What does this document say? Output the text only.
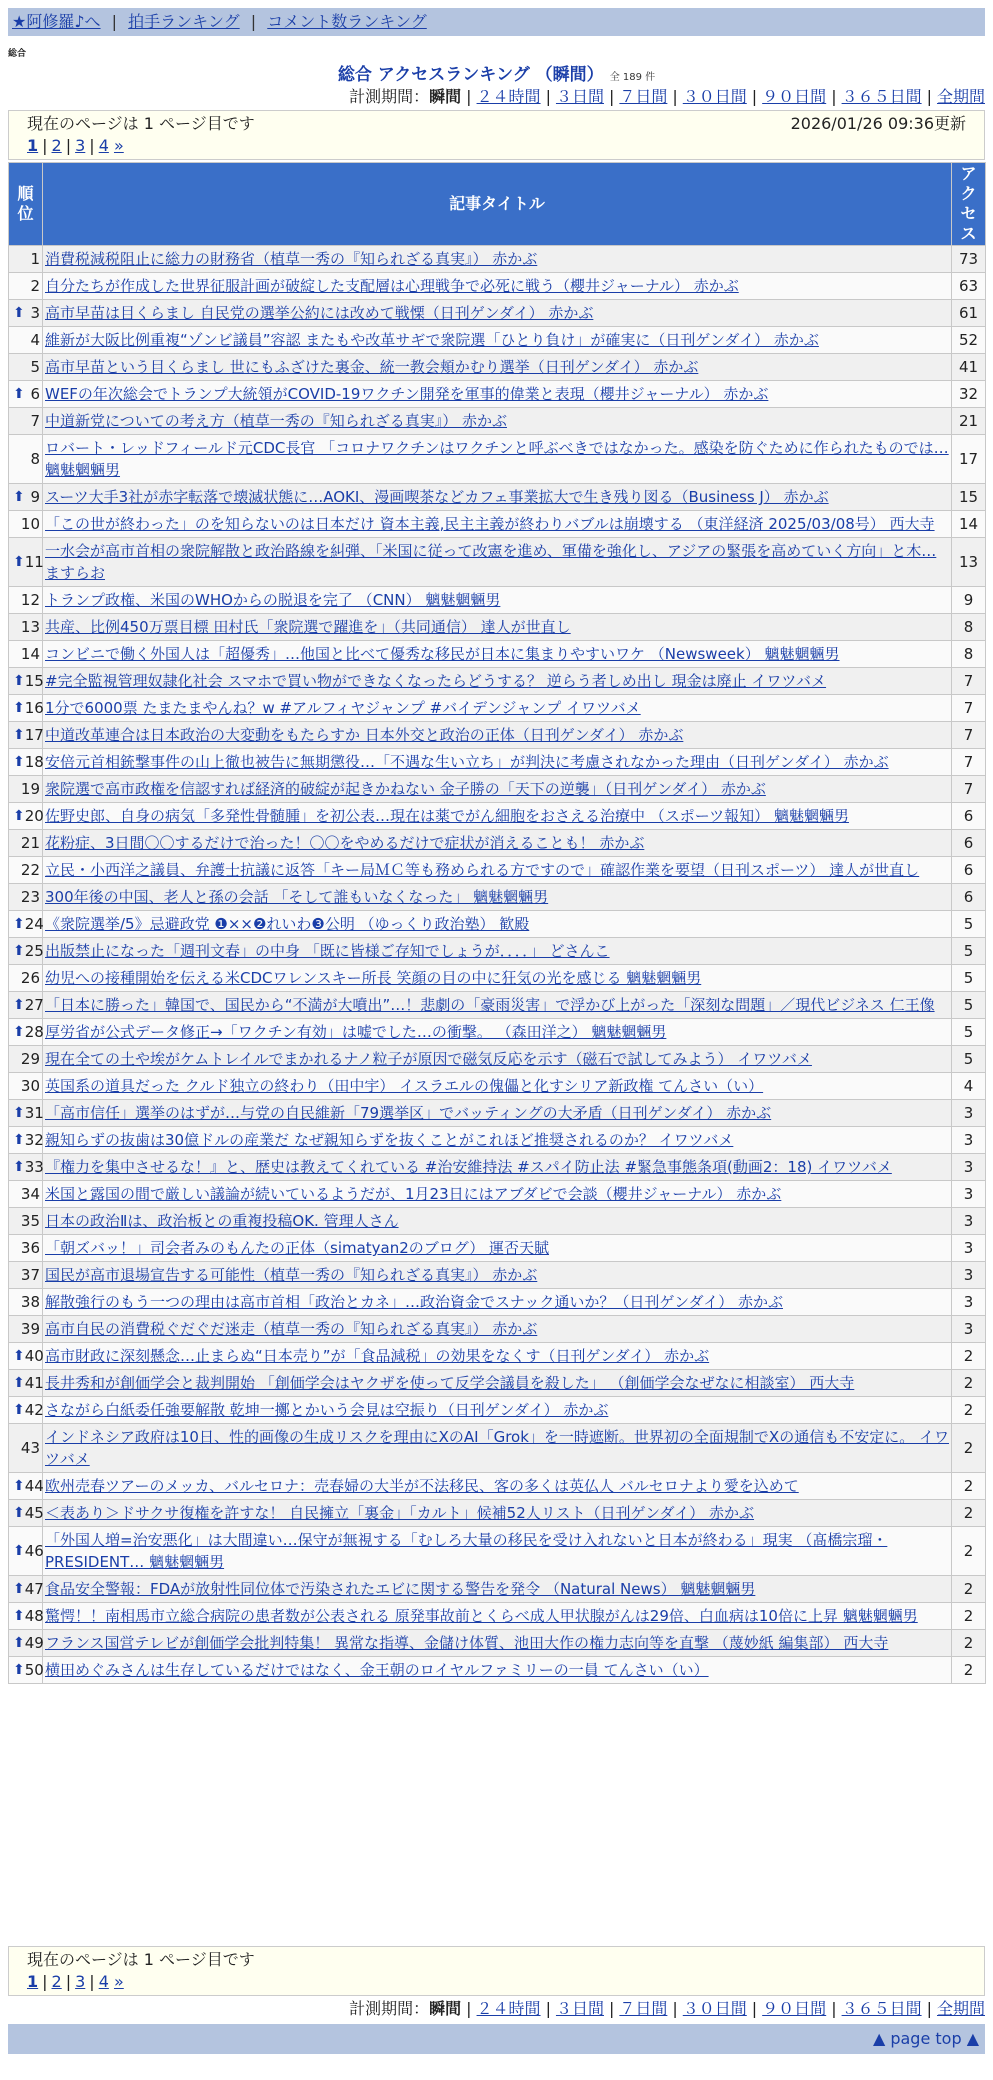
★阿修羅♪へ | 拍手ランキング | コメント数ランキング
総合
総合 アクセスランキング （瞬間） 全 189 件
計測期間：瞬間 | ２４時間 | ３日間 | ７日間 | ３０日間 | ９０日間 | ３６５日間 | 全期間
現在のページは 1 ページ目です	2026/01/26 09:36更新
1 | 2 | 3 | 4 »
順位	記事タイトル	アクセス
1	消費税減税阻止に総力の財務省（植草一秀の『知られざる真実』） 赤かぶ	73
2	自分たちが作成した世界征服計画が破綻した支配層は心理戦争で必死に戦う（櫻井ジャーナル） 赤かぶ	63

⬆ 3	高市早苗は目くらまし 自民党の選挙公約には改めて戦慄（日刊ゲンダイ） 赤かぶ	61
4	維新が大阪比例重複“ゾンビ議員”容認 またもや改革サギで衆院選「ひとり負け」が確実に（日刊ゲンダイ） 赤かぶ	52
5	高市早苗という目くらまし 世にもふざけた裏金、統一教会頬かむり選挙（日刊ゲンダイ） 赤かぶ	41

⬆ 6	WEFの年次総会でトランプ大統領がCOVID-19ワクチン開発を軍事的偉業と表現（櫻井ジャーナル） 赤かぶ	32
7	中道新党についての考え方（植草一秀の『知られざる真実』） 赤かぶ	21
8	ロバート・レッドフィールド元CDC長官 「コロナワクチンはワクチンと呼ぶべきではなかった。感染を防ぐために作られたものでは… 魑魅魍魎男	17

⬆ 9	スーツ大手3社が赤字転落で壊滅状態に…AOKI、漫画喫茶などカフェ事業拡大で生き残り図る（Business J） 赤かぶ	15
10	「この世が終わった」のを知らないのは日本だけ 資本主義,民主主義が終わりバブルは崩壊する （東洋経済 2025/03/08号） 西大寺	14

⬆ 11	一水会が高市首相の衆院解散と政治路線を糾弾、「米国に従って改憲を進め、軍備を強化し、アジアの緊張を高めていく方向」と木… ますらお	13
12	トランプ政権、米国のWHOからの脱退を完了 （CNN） 魑魅魍魎男	9
13	共産、比例450万票目標 田村氏「衆院選で躍進を」（共同通信） 達人が世直し	8
14	コンビニで働く外国人は「超優秀」…他国と比べて優秀な移民が日本に集まりやすいワケ （Newsweek） 魑魅魍魎男	8

⬆ 15	#完全監視管理奴隷化社会 スマホで買い物ができなくなったらどうする？ 逆らう者しめ出し 現金は廃止 イワツバメ	7

⬆ 16	1分で6000票 たまたまやんね？w #アルフィヤジャンプ #バイデンジャンプ イワツバメ	7

⬆ 17	中道改革連合は日本政治の大変動をもたらすか 日本外交と政治の正体（日刊ゲンダイ） 赤かぶ	7

⬆ 18	安倍元首相銃撃事件の山上徹也被告に無期懲役…「不遇な生い立ち」が判決に考慮されなかった理由（日刊ゲンダイ） 赤かぶ	7
19	衆院選で高市政権を信認すれば経済的破綻が起きかねない 金子勝の「天下の逆襲」（日刊ゲンダイ） 赤かぶ	7

⬆ 20	佐野史郎、自身の病気「多発性骨髄腫」を初公表…現在は薬でがん細胞をおさえる治療中 （スポーツ報知） 魑魅魍魎男	6
21	花粉症、3日間〇〇するだけで治った！〇〇をやめるだけで症状が消えることも！ 赤かぶ	6
22	立民・小西洋之議員、弁護士抗議に返答「キー局ＭＣ等も務められる方ですので」確認作業を要望（日刊スポーツ） 達人が世直し	6
23	300年後の中国、老人と孫の会話 「そして誰もいなくなった」 魑魅魍魎男	6

⬆ 24	《衆院選挙/5》忌避政党 ❶××❷れいわ❸公明 （ゆっくり政治塾） 歓殿	5

⬆ 25	出版禁止になった「週刊文春」の中身 「既に皆様ご存知でしょうが．．．．」 どさんこ	5
26	幼児への接種開始を伝える米CDCワレンスキー所長 笑顔の目の中に狂気の光を感じる 魑魅魍魎男	5

⬆ 27	「日本に勝った」韓国で、国民から“不満が大噴出”…！悲劇の「豪雨災害」で浮かび上がった「深刻な問題」／現代ビジネス 仁王像	5

⬆ 28	厚労省が公式データ修正→「ワクチン有効」は嘘でした…の衝撃。 （森田洋之） 魑魅魍魎男	5
29	現在全ての土や埃がケムトレイルでまかれるナノ粒子が原因で磁気反応を示す（磁石で試してみよう） イワツバメ	5
30	英国系の道具だった クルド独立の終わり（田中宇） イスラエルの傀儡と化すシリア新政権 てんさい（い）	4

⬆ 31	「高市信任」選挙のはずが…与党の自民維新「79選挙区」でバッティングの大矛盾（日刊ゲンダイ） 赤かぶ	3

⬆ 32	親知らずの抜歯は30億ドルの産業だ なぜ親知らずを抜くことがこれほど推奨されるのか？ イワツバメ	3

⬆ 33	『権力を集中させるな！』と、歴史は教えてくれている #治安維持法 #スパイ防止法 #緊急事態条項(動画2：18) イワツバメ	3
34	米国と露国の間で厳しい議論が続いているようだが、1月23日にはアブダビで会談（櫻井ジャーナル） 赤かぶ	3
35	日本の政治Ⅱは、政治板との重複投稿OK. 管理人さん	3
36	「朝ズバッ！」司会者みのもんたの正体（simatyan2のブログ） 運否天賦	3
37	国民が高市退場宣告する可能性（植草一秀の『知られざる真実』） 赤かぶ	3
38	解散強行のもう一つの理由は高市首相「政治とカネ」…政治資金でスナック通いか？（日刊ゲンダイ） 赤かぶ	3
39	高市自民の消費税ぐだぐだ迷走（植草一秀の『知られざる真実』） 赤かぶ	3

⬆ 40	高市財政に深刻懸念…止まらぬ“日本売り”が「食品減税」の効果をなくす（日刊ゲンダイ） 赤かぶ	2

⬆ 41	長井秀和が創価学会と裁判開始 「創価学会はヤクザを使って反学会議員を殺した」 （創価学会なぜなに相談室） 西大寺	2

⬆ 42	さながら白紙委任強要解散 乾坤一擲とかいう会見は空振り（日刊ゲンダイ） 赤かぶ	2
43	インドネシア政府は10日、性的画像の生成リスクを理由にXのAI「Grok」を一時遮断。世界初の全面規制でXの通信も不安定に。 イワツバメ	2

⬆ 44	欧州売春ツアーのメッカ、バルセロナ：売春婦の大半が不法移民、客の多くは英仏人 バルセロナより愛を込めて	2

⬆ 45	＜表あり＞ドサクサ復権を許すな！ 自民擁立「裏金」「カルト」候補52人リスト（日刊ゲンダイ） 赤かぶ	2

⬆ 46	「外国人増=治安悪化」は大間違い…保守が無視する「むしろ大量の移民を受け入れないと日本が終わる」現実 （髙橋宗瑠・PRESIDENT… 魑魅魍魎男	2

⬆ 47	食品安全警報：FDAが放射性同位体で汚染されたエビに関する警告を発令 （Natural News） 魑魅魍魎男	2

⬆ 48	驚愕！！南相馬市立総合病院の患者数が公表される 原発事故前とくらべ成人甲状腺がんは29倍、白血病は10倍に上昇 魑魅魍魎男	2

⬆ 49	フランス国営テレビが創価学会批判特集！ 異常な指導、金儲け体質、池田大作の権力志向等を直撃 （蔑妙紙 編集部） 西大寺	2

⬆ 50	横田めぐみさんは生存しているだけではなく、金王朝のロイヤルファミリーの一員 てんさい（い）	2
現在のページは 1 ページ目です
1 | 2 | 3 | 4 »
計測期間：瞬間 | ２４時間 | ３日間 | ７日間 | ３０日間 | ９０日間 | ３６５日間 | 全期間
▲ page top ▲
